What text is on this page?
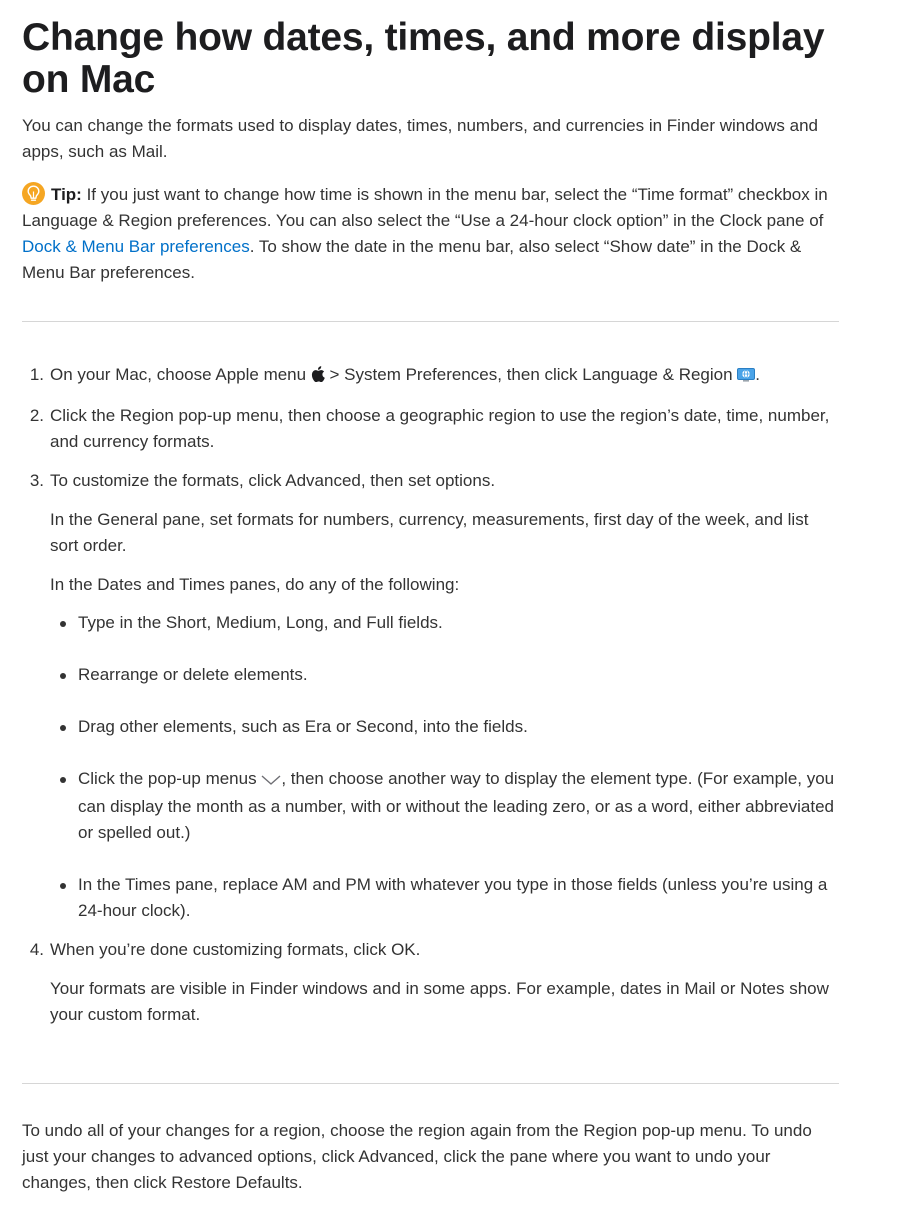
Change how dates, times, and more display on Mac

You can change the formats used to display dates, times, numbers, and currencies in Finder windows and apps, such as Mail.

Tip: If you just want to change how time is shown in the menu bar, select the “Time format” checkbox in Language & Region preferences. You can also select the “Use a 24-hour clock option” in the Clock pane of Dock & Menu Bar preferences. To show the date in the menu bar, also select “Show date” in the Dock & Menu Bar preferences.

1. On your Mac, choose Apple menu  > System Preferences, then click Language & Region .
2. Click the Region pop-up menu, then choose a geographic region to use the region’s date, time, number, and currency formats.
3. To customize the formats, click Advanced, then set options.

In the General pane, set formats for numbers, currency, measurements, first day of the week, and list sort order.

In the Dates and Times panes, do any of the following:

Type in the Short, Medium, Long, and Full fields.
Rearrange or delete elements.
Drag other elements, such as Era or Second, into the fields.
Click the pop-up menus , then choose another way to display the element type. (For example, you can display the month as a number, with or without the leading zero, or as a word, either abbreviated or spelled out.)
In the Times pane, replace AM and PM with whatever you type in those fields (unless you’re using a 24-hour clock).
4. When you’re done customizing formats, click OK.

Your formats are visible in Finder windows and in some apps. For example, dates in Mail or Notes show your custom format.

To undo all of your changes for a region, choose the region again from the Region pop-up menu. To undo just your changes to advanced options, click Advanced, click the pane where you want to undo your changes, then click Restore Defaults.
